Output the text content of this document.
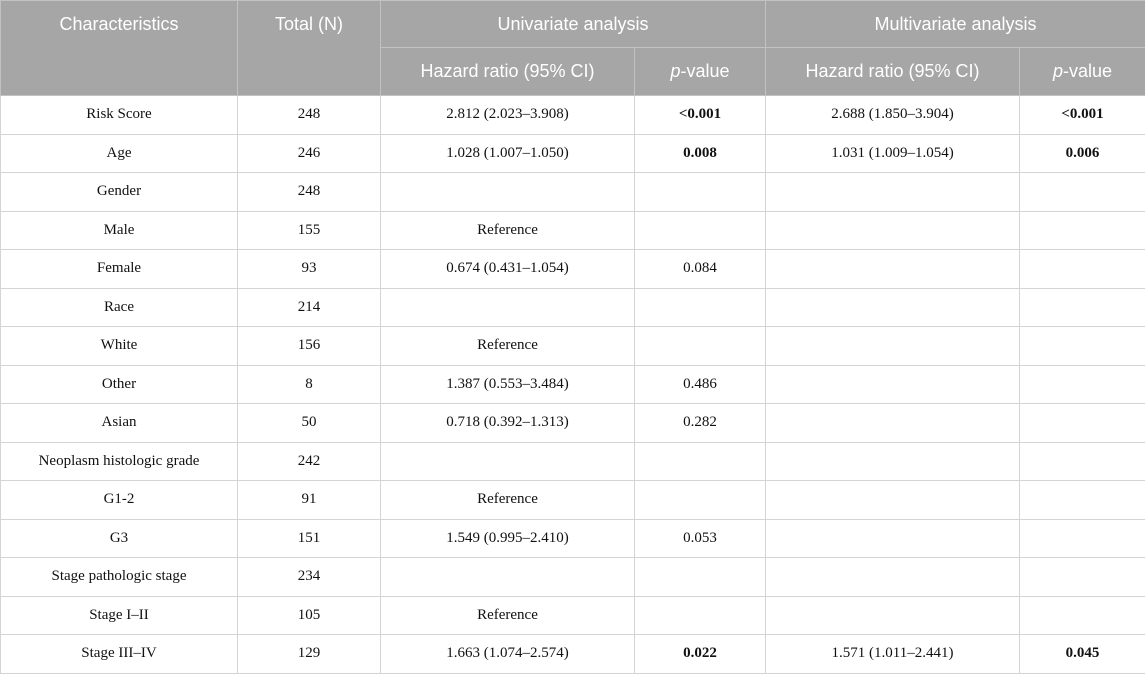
Characteristics	Total (N)	Univariate analysis		Multivariate analysis	
		Hazard ratio (95% CI)	p-value	Hazard ratio (95% CI)	p-value
Risk Score	248	2.812 (2.023–3.908)	<0.001	2.688 (1.850–3.904)	<0.001
Age	246	1.028 (1.007–1.050)	0.008	1.031 (1.009–1.054)	0.006
Gender	248				
Male	155	Reference			
Female	93	0.674 (0.431–1.054)	0.084		
Race	214				
White	156	Reference			
Other	8	1.387 (0.553–3.484)	0.486		
Asian	50	0.718 (0.392–1.313)	0.282		
Neoplasm histologic grade	242				
G1-2	91	Reference			
G3	151	1.549 (0.995–2.410)	0.053		
Stage pathologic stage	234				
Stage I–II	105	Reference			
Stage III–IV	129	1.663 (1.074–2.574)	0.022	1.571 (1.011–2.441)	0.045
